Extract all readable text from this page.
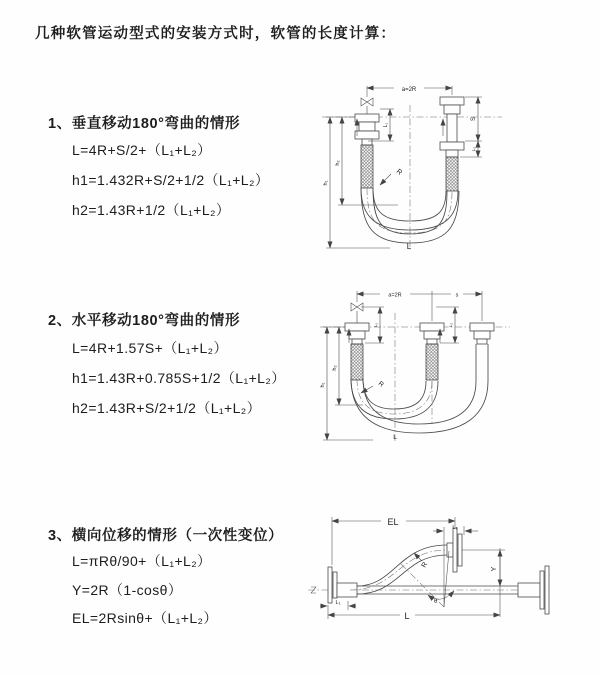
几种软管运动型式的安装方式时，软管的长度计算：
1、垂直移动180°弯曲的情形
L=4R+S/2+（L₁+L₂）
h1=1.432R+S/2+1/2（L₁+L₂）
h2=1.43R+1/2（L₁+L₂）
a=2R
L₁
S
L₂
h₂
h₁
R
L
2、水平移动180°弯曲的情形
L=4R+1.57S+（L₁+L₂）
h1=1.43R+0.785S+1/2（L₁+L₂）
h2=1.43R+S/2+1/2（L₁+L₂）
a=2R	s
L₁	L₂
h₂
h₁	R
L
3、横向位移的情形（一次性变位）
L=πRθ/90+（L₁+L₂）
Y=2R（1-cosθ）
EL=2Rsinθ+（L₁+L₂）
EL
L₂
θ
R	Y
L₁
L
